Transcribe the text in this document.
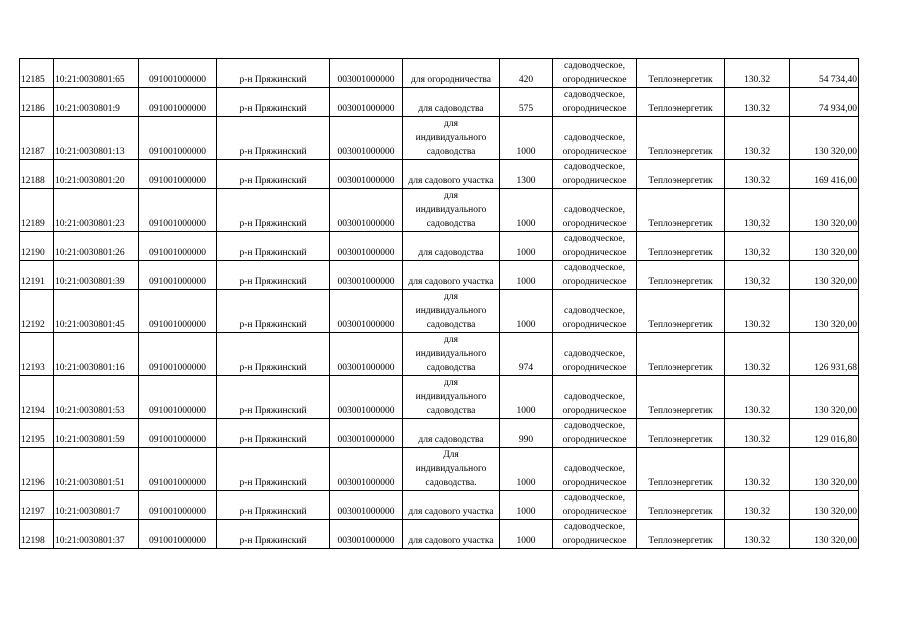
12185	10:21:0030801:65	091001000000	р-н Пряжинский	003001000000	для огородничества	420	садоводческое,
огородническое	Теплоэнергетик	130.32	54 734,40
12186	10:21:0030801:9	091001000000	р-н Пряжинский	003001000000	для садоводства	575	садоводческое,
огородническое	Теплоэнергетик	130.32	74 934,00
12187	10:21:0030801:13	091001000000	р-н Пряжинский	003001000000	для
индивидуального
садоводства	1000	садоводческое,
огородническое	Теплоэнергетик	130.32	130 320,00
12188	10:21:0030801:20	091001000000	р-н Пряжинский	003001000000	для садового участка	1300	садоводческое,
огородническое	Теплоэнергетик	130.32	169 416,00
12189	10:21:0030801:23	091001000000	р-н Пряжинский	003001000000	для
индивидуального
садоводства	1000	садоводческое,
огородническое	Теплоэнергетик	130,32	130 320,00
12190	10:21:0030801:26	091001000000	р-н Пряжинский	003001000000	для садоводства	1000	садоводческое,
огородническое	Теплоэнергетик	130,32	130 320,00
12191	10:21:0030801:39	091001000000	р-н Пряжинский	003001000000	для садового участка	1000	садоводческое,
огородническое	Теплоэнергетик	130,32	130 320,00
12192	10:21:0030801:45	091001000000	р-н Пряжинский	003001000000	для
индивидуального
садоводства	1000	садоводческое,
огородническое	Теплоэнергетик	130.32	130 320,00
12193	10:21:0030801:16	091001000000	р-н Пряжинский	003001000000	для
индивидуального
садоводства	974	садоводческое,
огородническое	Теплоэнергетик	130.32	126 931,68
12194	10:21:0030801:53	091001000000	р-н Пряжинский	003001000000	для
индивидуального
садоводства	1000	садоводческое,
огородническое	Теплоэнергетик	130.32	130 320,00
12195	10:21:0030801:59	091001000000	р-н Пряжинский	003001000000	для садоводства	990	садоводческое,
огородническое	Теплоэнергетик	130.32	129 016,80
12196	10:21:0030801:51	091001000000	р-н Пряжинский	003001000000	Для
индивидуального
садоводства.	1000	садоводческое,
огородническое	Теплоэнергетик	130.32	130 320,00
12197	10:21:0030801:7	091001000000	р-н Пряжинский	003001000000	для садового участка	1000	садоводческое,
огородническое	Теплоэнергетик	130.32	130 320,00
12198	10:21:0030801:37	091001000000	р-н Пряжинский	003001000000	для садового участка	1000	садоводческое,
огородническое	Теплоэнергетик	130.32	130 320,00
